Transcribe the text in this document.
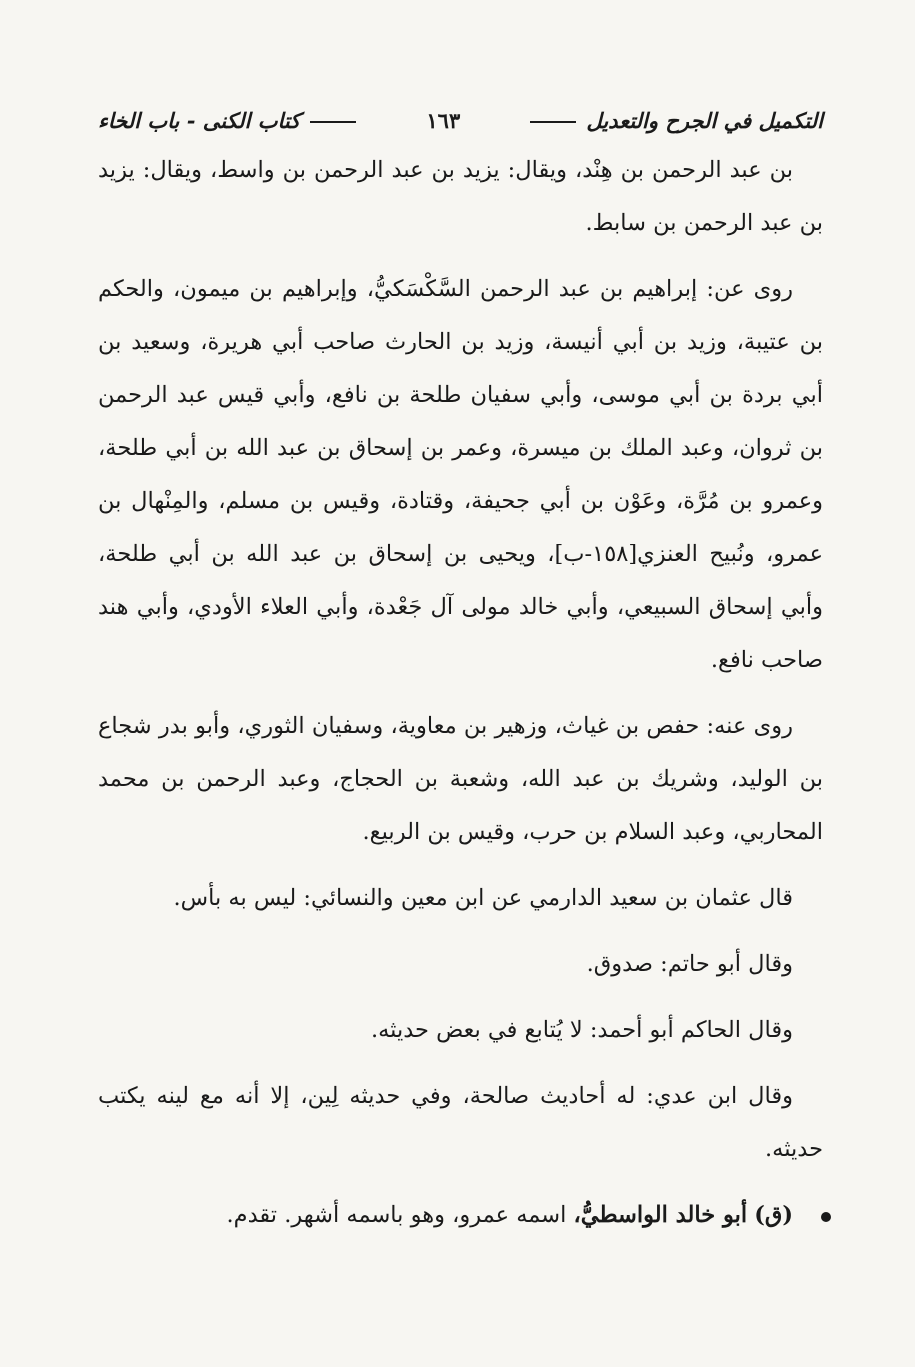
التكميل في الجرح والتعديل
١٦٣
كتاب الكنى - باب الخاء

بن عبد الرحمن بن هِنْد، ويقال: يزيد بن عبد الرحمن بن واسط، ويقال: يزيد بن عبد الرحمن بن سابط.

روى عن: إبراهيم بن عبد الرحمن السَّكْسَكيُّ، وإبراهيم بن ميمون، والحكم بن عتيبة، وزيد بن أبي أنيسة، وزيد بن الحارث صاحب أبي هريرة، وسعيد بن أبي بردة بن أبي موسى، وأبي سفيان طلحة بن نافع، وأبي قيس عبد الرحمن بن ثروان، وعبد الملك بن ميسرة، وعمر بن إسحاق بن عبد الله بن أبي طلحة، وعمرو بن مُرَّة، وعَوْن بن أبي جحيفة، وقتادة، وقيس بن مسلم، والمِنْهال بن عمرو، ونُبيح العنزي[١٥٨-ب]، ويحيى بن إسحاق بن عبد الله بن أبي طلحة، وأبي إسحاق السبيعي، وأبي خالد مولى آل جَعْدة، وأبي العلاء الأودي، وأبي هند صاحب نافع.

روى عنه: حفص بن غياث، وزهير بن معاوية، وسفيان الثوري، وأبو بدر شجاع بن الوليد، وشريك بن عبد الله، وشعبة بن الحجاج، وعبد الرحمن بن محمد المحاربي، وعبد السلام بن حرب، وقيس بن الربيع.

قال عثمان بن سعيد الدارمي عن ابن معين والنسائي: ليس به بأس.

وقال أبو حاتم: صدوق.

وقال الحاكم أبو أحمد: لا يُتابع في بعض حديثه.

وقال ابن عدي: له أحاديث صالحة، وفي حديثه لِين، إلا أنه مع لينه يكتب حديثه.

(ق) أبو خالد الواسطيُّ، اسمه عمرو، وهو باسمه أشهر. تقدم.
